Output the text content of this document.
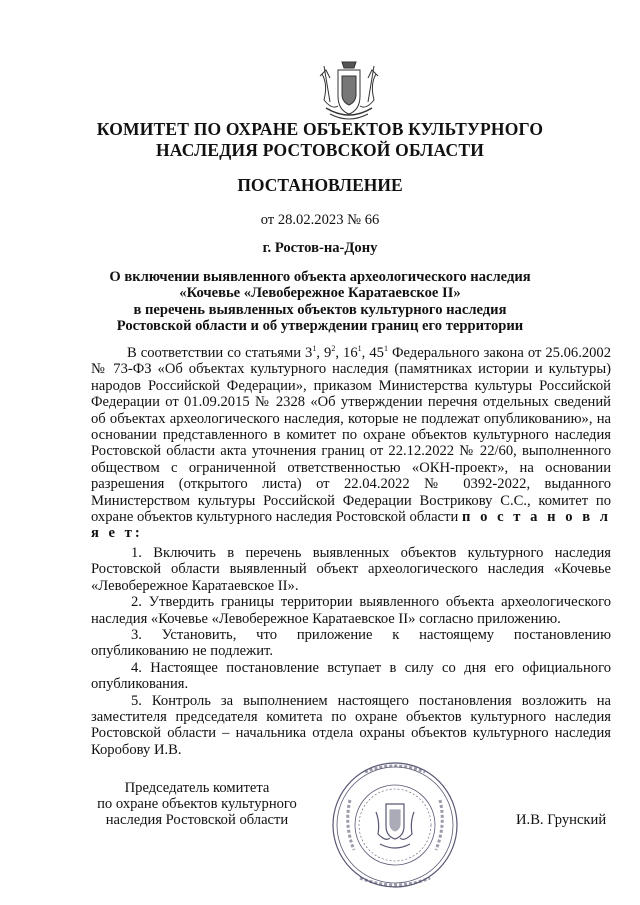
КОМИТЕТ ПО ОХРАНЕ ОБЪЕКТОВ КУЛЬТУРНОГО
НАСЛЕДИЯ РОСТОВСКОЙ ОБЛАСТИ
ПОСТАНОВЛЕНИЕ
от 28.02.2023 № 66
г. Ростов-на-Дону
О включении выявленного объекта археологического наследия
«Кочевье «Левобережное Каратаевское II»
в перечень выявленных объектов культурного наследия
Ростовской области и об утверждении границ его территории
В соответствии со статьями $3^1$, $9^2$, $16^1$, $45^1$ Федерального закона от 25.06.2002 № 73-ФЗ «Об объектах культурного наследия (памятниках истории и культуры) народов Российской Федерации», приказом Министерства культуры Российской Федерации от 01.09.2015 № 2328 «Об утверждении перечня отдельных сведений об объектах археологического наследия, которые не подлежат опубликованию», на основании представленного в комитет по охране объектов культурного наследия Ростовской области акта уточнения границ от 22.12.2022 № 22/60, выполненного обществом с ограниченной ответственностью «ОКН-проект», на основании разрешения (открытого листа) от 22.04.2022 № 0392-2022, выданного Министерством культуры Российской Федерации Вострикову С.С., комитет по охране объектов культурного наследия Ростовской области п о с т а н о в л я е т:

1. Включить в перечень выявленных объектов культурного наследия Ростовской области выявленный объект археологического наследия «Кочевье «Левобережное Каратаевское II».

2. Утвердить границы территории выявленного объекта археологического наследия «Кочевье «Левобережное Каратаевское II» согласно приложению.

3. Установить, что приложение к настоящему постановлению опубликованию не подлежит.

4. Настоящее постановление вступает в силу со дня его официального опубликования.

5. Контроль за выполнением настоящего постановления возложить на заместителя председателя комитета по охране объектов культурного наследия Ростовской области – начальника отдела охраны объектов культурного наследия Коробову И.В.

Председатель комитета
по охране объектов культурного
наследия Ростовской области	И.В. Грунский
